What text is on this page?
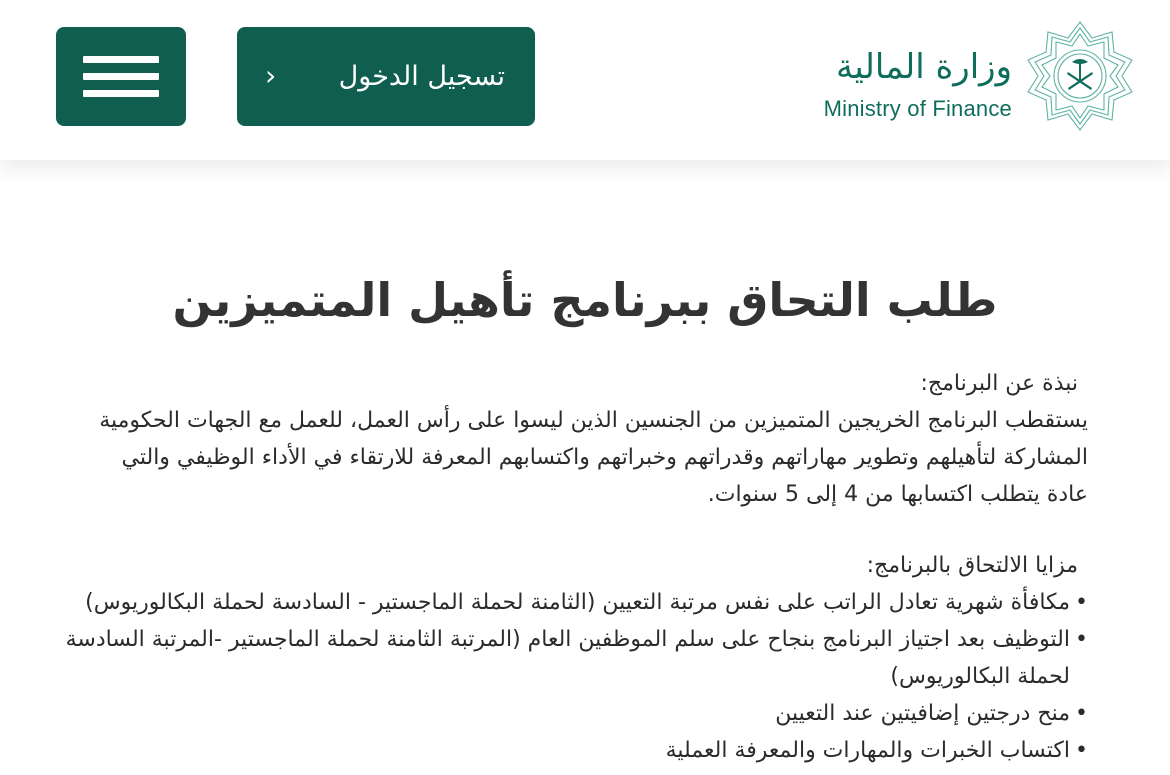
› تسجيل الدخول	وزارة المالية
Ministry of Finance
طلب التحاق ببرنامج تأهيل المتميزين
نبذة عن البرنامج:
يستقطب البرنامج الخريجين المتميزين من الجنسين الذين ليسوا على رأس العمل، للعمل مع الجهات الحكومية المشاركة لتأهيلهم وتطوير مهاراتهم وقدراتهم وخبراتهم واكتسابهم المعرفة للارتقاء في الأداء الوظيفي والتي عادة يتطلب اكتسابها من 4 إلى 5 سنوات.
مزايا الالتحاق بالبرنامج:
• مكافأة شهرية تعادل الراتب على نفس مرتبة التعيين (الثامنة لحملة الماجستير - السادسة لحملة البكالوريوس)
• التوظيف بعد اجتياز البرنامج بنجاح على سلم الموظفين العام (المرتبة الثامنة لحملة الماجستير -المرتبة السادسة لحملة البكالوريوس)
• منح درجتين إضافيتين عند التعيين
• اكتساب الخبرات والمهارات والمعرفة العملية
